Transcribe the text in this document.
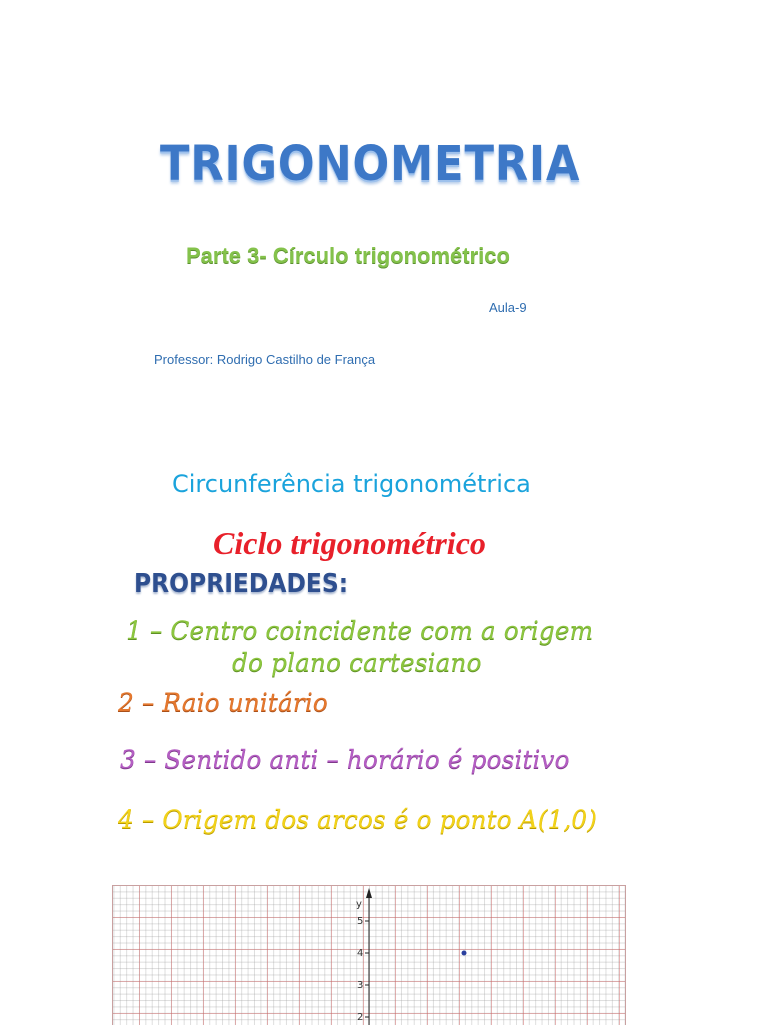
TRIGONOMETRIA
Parte 3- Círculo trigonométrico
Aula-9
Professor: Rodrigo Castilho de França
Circunferência trigonométrica
Ciclo trigonométrico
PROPRIEDADES:
1 – Centro coincidente com a origem
do plano cartesiano
2 – Raio unitário
3 – Sentido anti – horário é positivo
4 – Origem dos arcos é o ponto A(1,0)
y
5
4
3
2
